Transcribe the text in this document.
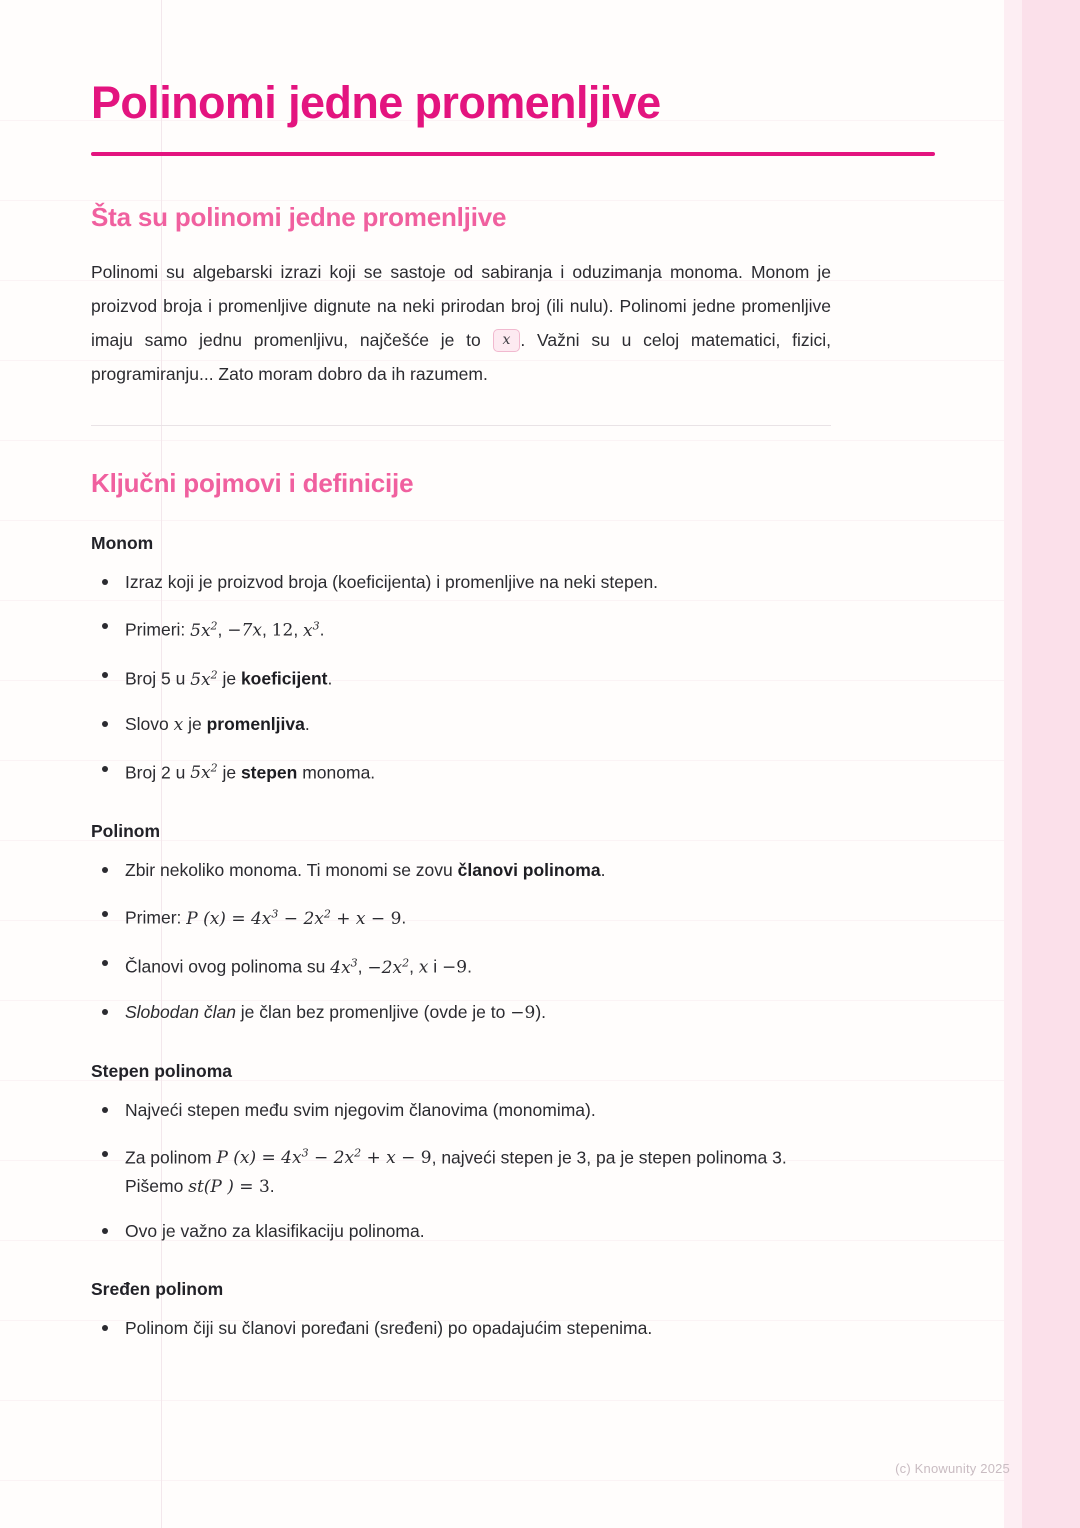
Polinomi jedne promenljive
Šta su polinomi jedne promenljive

Polinomi su algebarski izrazi koji se sastoje od sabiranja i oduzimanja monoma. Monom je proizvod broja i promenljive dignute na neki prirodan broj (ili nulu). Polinomi jedne promenljive imaju samo jednu promenljivu, najčešće je to x . Važni su u celoj matematici, fizici, programiranju... Zato moram dobro da ih razumem.

Ključni pojmovi i definicije
Monom
Izraz koji je proizvod broja (koeficijenta) i promenljive na neki stepen.
Primeri: $5x^2$, −7x, 12, $x^3$.
Broj 5 u $5x^2$ je koeficijent.
Slovo x je promenljiva.
Broj 2 u $5x^2$ je stepen monoma.
Polinom
Zbir nekoliko monoma. Ti monomi se zovu članovi polinoma.
Primer: P $(x) = 4x^3 - 2x^2 + x - 9$.
Članovi ovog polinoma su $4x^3$, $-2x^2$, x i −9.
Slobodan član je član bez promenljive (ovde je to −9).
Stepen polinoma
Najveći stepen među svim njegovim članovima (monomima).
Za polinom P $(x) = 4x^3 - 2x^2 + x - 9$, najveći stepen je 3, pa je stepen polinoma 3. Pišemo st(P ) = 3.
Ovo je važno za klasifikaciju polinoma.
Sređen polinom
Polinom čiji su članovi poređani (sređeni) po opadajućim stepenima.
(c) Knowunity 2025
